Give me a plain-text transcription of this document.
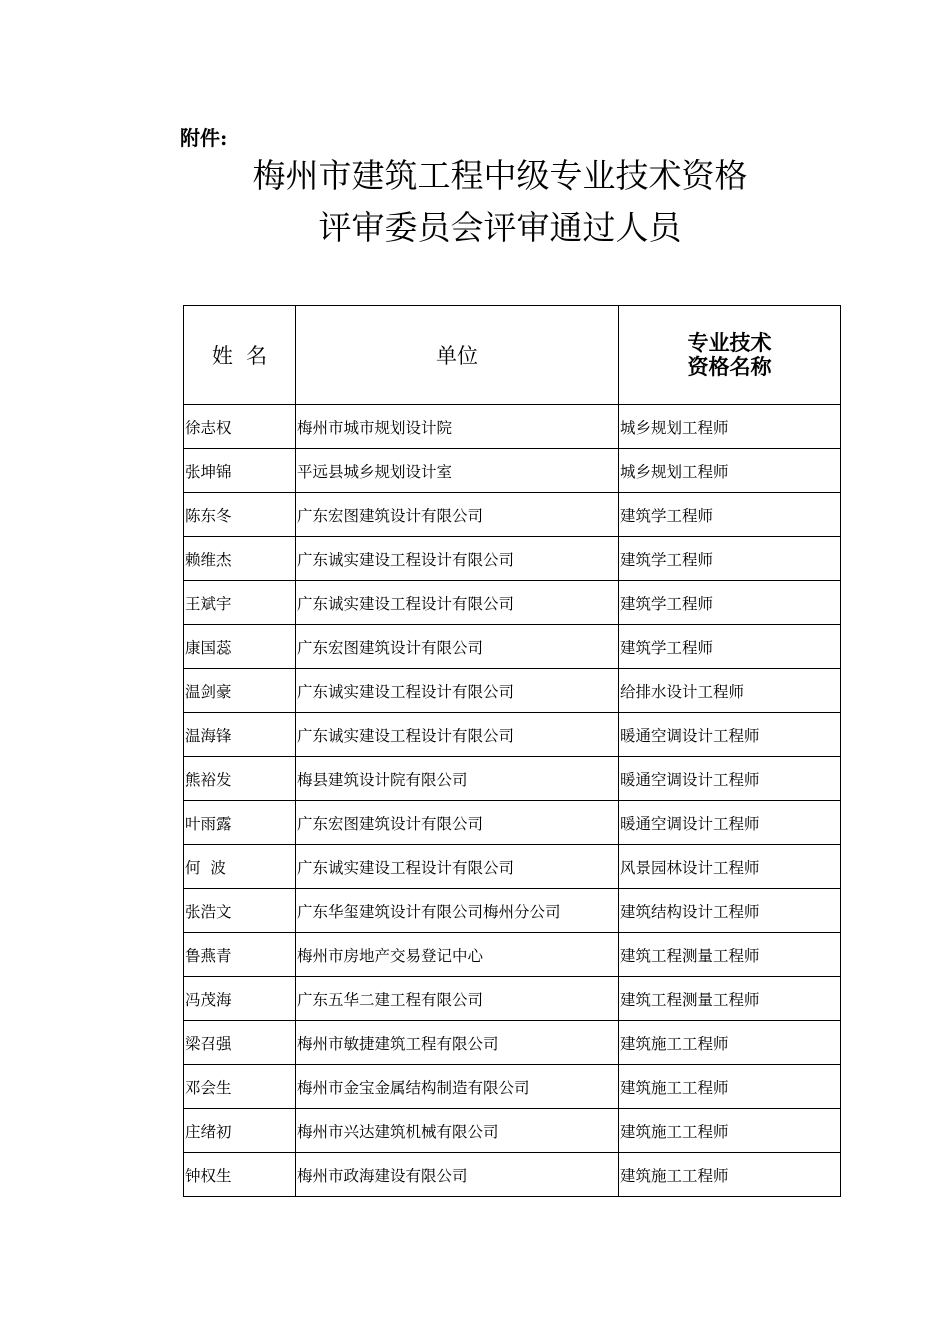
附件:
梅州市建筑工程中级专业技术资格
评审委员会评审通过人员
姓  名	单位	专业技术
资格名称

徐志权	梅州市城市规划设计院	城乡规划工程师
张坤锦	平远县城乡规划设计室	城乡规划工程师
陈东冬	广东宏图建筑设计有限公司	建筑学工程师
赖维杰	广东诚实建设工程设计有限公司	建筑学工程师
王斌宇	广东诚实建设工程设计有限公司	建筑学工程师
康国蕊	广东宏图建筑设计有限公司	建筑学工程师
温剑豪	广东诚实建设工程设计有限公司	给排水设计工程师
温海锋	广东诚实建设工程设计有限公司	暖通空调设计工程师
熊裕发	梅县建筑设计院有限公司	暖通空调设计工程师
叶雨露	广东宏图建筑设计有限公司	暖通空调设计工程师
何  波	广东诚实建设工程设计有限公司	风景园林设计工程师
张浩文	广东华玺建筑设计有限公司梅州分公司	建筑结构设计工程师
鲁燕青	梅州市房地产交易登记中心	建筑工程测量工程师
冯茂海	广东五华二建工程有限公司	建筑工程测量工程师
梁召强	梅州市敏捷建筑工程有限公司	建筑施工工程师
邓会生	梅州市金宝金属结构制造有限公司	建筑施工工程师
庄绪初	梅州市兴达建筑机械有限公司	建筑施工工程师
钟权生	梅州市政海建设有限公司	建筑施工工程师
